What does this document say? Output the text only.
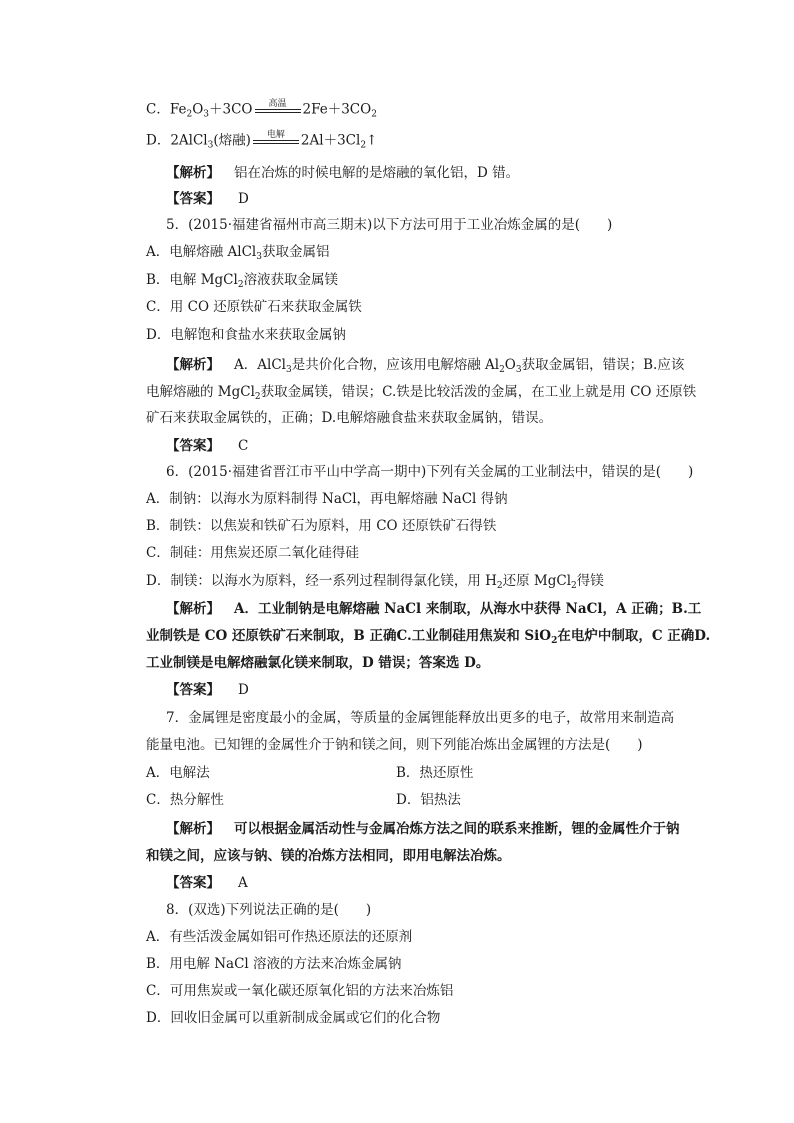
C．$Fe_2O_3+3CO$	高温	$2Fe+3CO_2$
D．2AlCl$_3$(熔融)	电解	$2Al+3Cl_2↑$
【解析】 铝在冶炼的时候电解的是熔融的氧化铝，D 错。
【答案】 D
5．(2015·福建省福州市高三期末)以下方法可用于工业冶炼金属的是(　　)
A．电解熔融 AlCl$_3$获取金属铝
B．电解 MgCl$_2$溶液获取金属镁
C．用 CO 还原铁矿石来获取金属铁
D．电解饱和食盐水来获取金属钠
【解析】 A．AlCl$_3$是共价化合物，应该用电解熔融 $Al_2O_3$获取金属铝，错误；B.应该
电解熔融的 MgCl$_2$获取金属镁，错误；C.铁是比较活泼的金属，在工业上就是用 CO 还原铁
矿石来获取金属铁的，正确；D.电解熔融食盐来获取金属钠，错误。
【答案】 C
6．(2015·福建省晋江市平山中学高一期中)下列有关金属的工业制法中，错误的是(　　)
A．制钠：以海水为原料制得 NaCl，再电解熔融 NaCl 得钠
B．制铁：以焦炭和铁矿石为原料，用 CO 还原铁矿石得铁
C．制硅：用焦炭还原二氧化硅得硅
D．制镁：以海水为原料，经一系列过程制得氯化镁，用 $H_2$还原 MgCl$_2$得镁
【解析】 A．工业制钠是电解熔融 NaCl 来制取，从海水中获得 NaCl，A 正确；B.工
业制铁是 CO 还原铁矿石来制取，B 正确C.工业制硅用焦炭和 SiO$_2$在电炉中制取，C 正确D.
工业制镁是电解熔融氯化镁来制取，D 错误；答案选 D。
【答案】 D
7．金属锂是密度最小的金属，等质量的金属锂能释放出更多的电子，故常用来制造高
能量电池。已知锂的金属性介于钠和镁之间，则下列能冶炼出金属锂的方法是(　　)
A．电解法	B．热还原性
C．热分解性	D．铝热法
【解析】 可以根据金属活动性与金属冶炼方法之间的联系来推断，锂的金属性介于钠
和镁之间，应该与钠、镁的冶炼方法相同，即用电解法冶炼。
【答案】 A
8．(双选)下列说法正确的是(　　)
A．有些活泼金属如铝可作热还原法的还原剂
B．用电解 NaCl 溶液的方法来冶炼金属钠
C．可用焦炭或一氧化碳还原氧化铝的方法来冶炼铝
D．回收旧金属可以重新制成金属或它们的化合物
